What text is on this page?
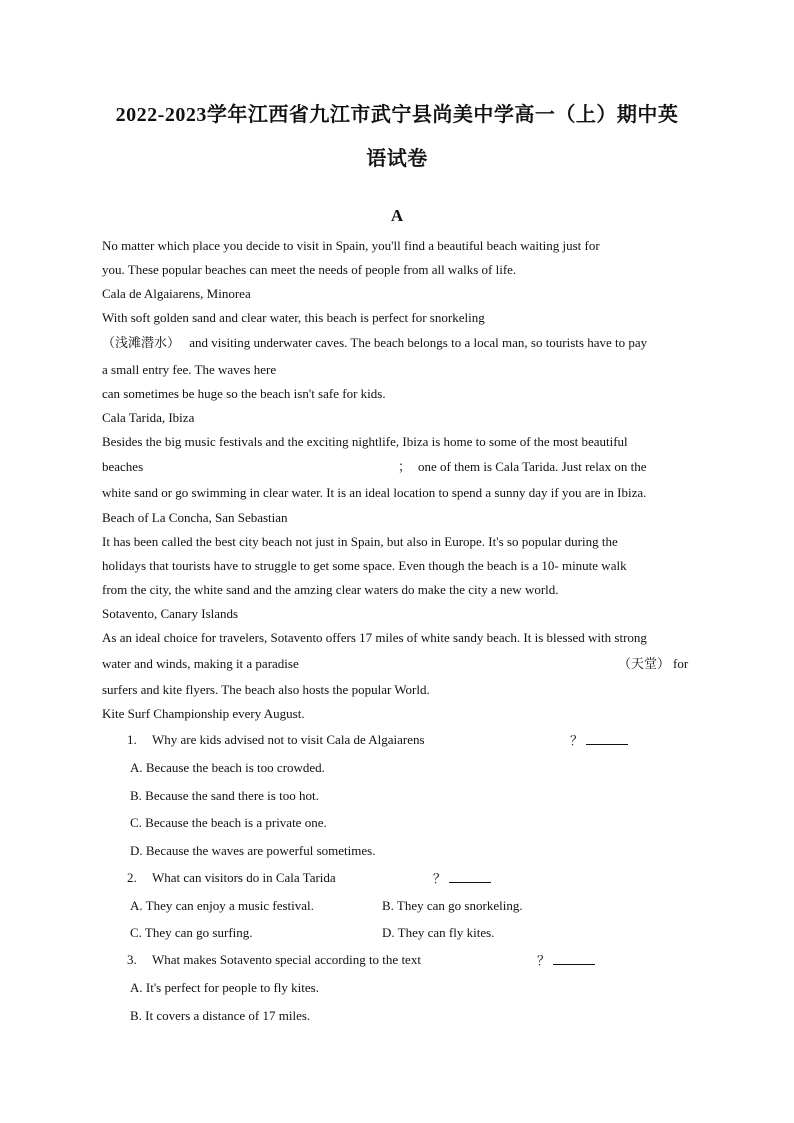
2022-2023学年江西省九江市武宁县尚美中学高一（上）期中英
语试卷
A
No matter which place you decide to visit in Spain, you'll find a beautiful beach waiting just for
you. These popular beaches can meet the needs of people from all walks of life.
Cala de Algaiarens, Minorea
With soft golden sand and clear water, this beach is perfect for snorkeling
（浅滩潜水） and visiting underwater caves. The beach belongs to a local man, so tourists have to pay
a small entry fee. The waves here
can sometimes be huge so the beach isn't safe for kids.
Cala Tarida, Ibiza
Besides the big music festivals and the exciting nightlife, Ibiza is home to some of the most beautiful
beaches	； one of them is Cala Tarida. Just relax on the
white sand or go swimming in clear water. It is an ideal location to spend a sunny day if you are in Ibiza.
Beach of La Concha, San Sebastian
It has been called the best city beach not just in Spain, but also in Europe. It's so popular during the
holidays that tourists have to struggle to get some space. Even though the beach is a 10- minute walk
from the city, the white sand and the amzing clear waters do make the city a new world.
Sotavento, Canary Islands
As an ideal choice for travelers, Sotavento offers 17 miles of white sandy beach. It is blessed with strong
water and winds, making it a paradise	（天堂） for
surfers and kite flyers. The beach also hosts the popular World.
Kite Surf Championship every August.
1. Why are kids advised not to visit Cala de Algaiarens	？
A. Because the beach is too crowded.
B. Because the sand there is too hot.
C. Because the beach is a private one.
D. Because the waves are powerful sometimes.
2. What can visitors do in Cala Tarida	？
A. They can enjoy a music festival.	B. They can go snorkeling.
C. They can go surfing.	D. They can fly kites.
3. What makes Sotavento special according to the text	？
A. It's perfect for people to fly kites.
B. It covers a distance of 17 miles.
